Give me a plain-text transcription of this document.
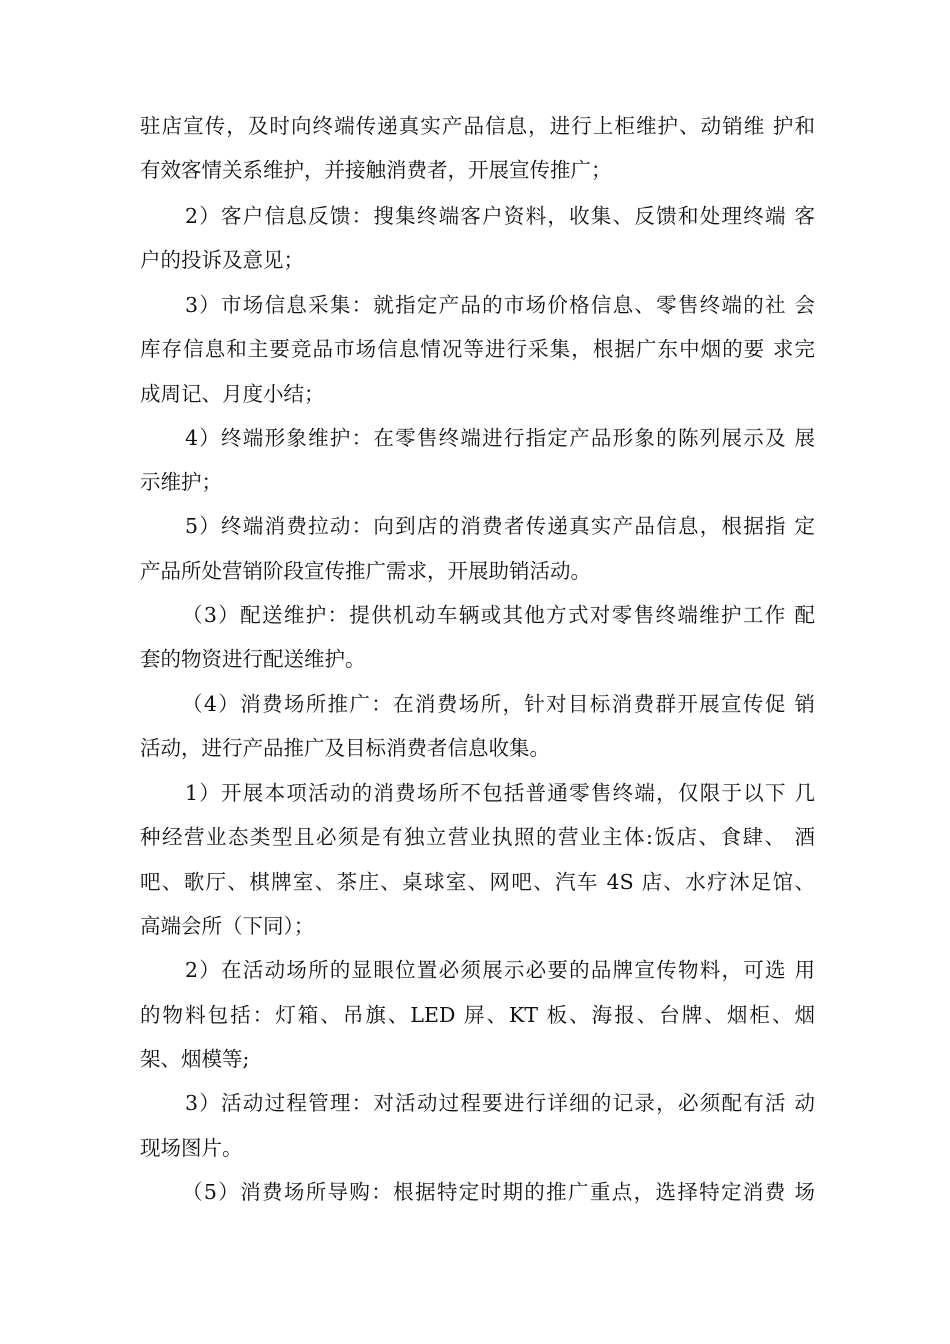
驻店宣传，及时向终端传递真实产品信息，进行上柜维护、动销维 护和
有效客情关系维护，并接触消费者，开展宣传推广；
2）客户信息反馈：搜集终端客户资料，收集、反馈和处理终端 客
户的投诉及意见；
3）市场信息采集：就指定产品的市场价格信息、零售终端的社 会
库存信息和主要竞品市场信息情况等进行采集，根据广东中烟的要 求完
成周记、月度小结；
4）终端形象维护：在零售终端进行指定产品形象的陈列展示及 展
示维护；
5）终端消费拉动：向到店的消费者传递真实产品信息，根据指 定
产品所处营销阶段宣传推广需求，开展助销活动。
（3）配送维护：提供机动车辆或其他方式对零售终端维护工作 配
套的物资进行配送维护。
（4）消费场所推广：在消费场所，针对目标消费群开展宣传促 销
活动，进行产品推广及目标消费者信息收集。
1）开展本项活动的消费场所不包括普通零售终端，仅限于以下 几
种经营业态类型且必须是有独立营业执照的营业主体:饭店、食肆、 酒
吧、歌厅、棋牌室、茶庄、桌球室、网吧、汽车 4S 店、水疗沐足馆、
高端会所（下同）；
2）在活动场所的显眼位置必须展示必要的品牌宣传物料，可选 用
的物料包括：灯箱、吊旗、LED 屏、KT 板、海报、台牌、烟柜、烟
架、烟模等;
3）活动过程管理：对活动过程要进行详细的记录，必须配有活 动
现场图片。
（5）消费场所导购：根据特定时期的推广重点，选择特定消费 场
